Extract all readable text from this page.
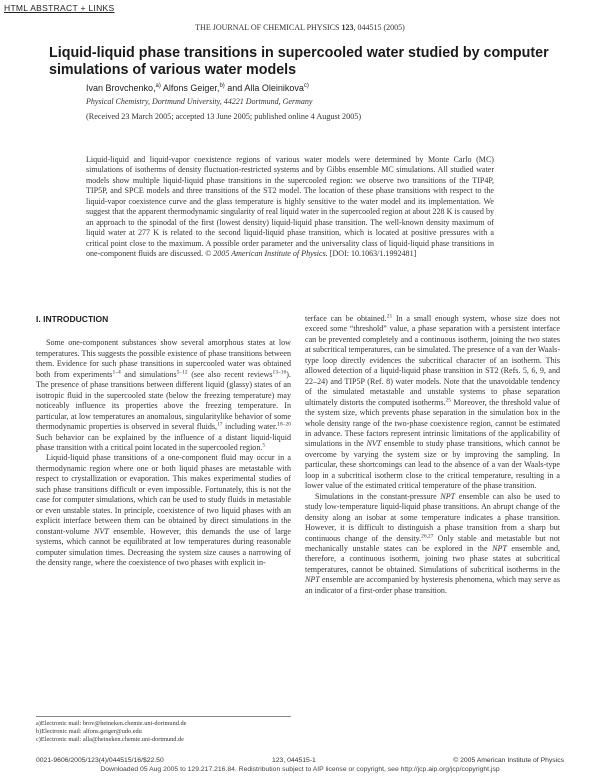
HTML ABSTRACT + LINKS
THE JOURNAL OF CHEMICAL PHYSICS 123, 044515 (2005)
Liquid-liquid phase transitions in supercooled water studied by computer simulations of various water models
Ivan Brovchenko,$^{a)}$ Alfons Geiger,$^{b)}$ and Alla Oleinikova$^{c)}$
Physical Chemistry, Dortmund University, 44221 Dortmund, Germany
(Received 23 March 2005; accepted 13 June 2005; published online 4 August 2005)

Liquid-liquid and liquid-vapor coexistence regions of various water models were determined by Monte Carlo (MC) simulations of isotherms of density fluctuation-restricted systems and by Gibbs ensemble MC simulations. All studied water models show multiple liquid-liquid phase transitions in the supercooled region: we observe two transitions of the TIP4P, TIP5P, and SPCE models and three transitions of the ST2 model. The location of these phase transitions with respect to the liquid-vapor coexistence curve and the glass temperature is highly sensitive to the water model and its implementation. We suggest that the apparent thermodynamic singularity of real liquid water in the supercooled region at about 228 K is caused by an approach to the spinodal of the first (lowest density) liquid-liquid phase transition. The well-known density maximum of liquid water at 277 K is related to the second liquid-liquid phase transition, which is located at positive pressures with a critical point close to the maximum. A possible order parameter and the universality class of liquid-liquid phase transitions in one-component fluids are discussed. © 2005 American Institute of Physics. [DOI: 10.1063/1.1992481]

I. INTRODUCTION

Some one-component substances show several amorphous states at low temperatures. This suggests the possible existence of phase transitions between them. Evidence for such phase transitions in supercooled water was obtained both from experiments$^{1-4}$ and simulations$^{5-12}$ (see also recent reviews$^{13-16}$). The presence of phase transitions between different liquid (glassy) states of an isotropic fluid in the supercooled state (below the freezing temperature) may noticeably influence its properties above the freezing temperature. In particular, at low temperatures an anomalous, singularitylike behavior of some thermodynamic properties is observed in several fluids,$^{17}$ including water.$^{18-20}$ Such behavior can be explained by the influence of a distant liquid-liquid phase transition with a critical point located in the supercooled region.$^5$

Liquid-liquid phase transitions of a one-component fluid may occur in a thermodynamic region where one or both liquid phases are metastable with respect to crystallization or evaporation. This makes experimental studies of such phase transitions difficult or even impossible. Fortunately, this is not the case for computer simulations, which can be used to study fluids in metastable or even unstable states. In principle, coexistence of two liquid phases with an explicit interface between them can be obtained by direct simulations in the constant-volume NVT ensemble. However, this demands the use of large systems, which cannot be equilibrated at low temperatures during reasonable computer simulation times. Decreasing the system size causes a narrowing of the density range, where the coexistence of two phases with explicit in-

terface can be obtained.$^{21}$ In a small enough system, whose size does not exceed some “threshold” value, a phase separation with a persistent interface can be prevented completely and a continuous isotherm, joining the two states at subcritical temperatures, can be simulated. The presence of a van der Waals-type loop directly evidences the subcritical character of an isotherm. This allowed detection of a liquid-liquid phase transition in ST2 (Refs. 5, 6, 9, and 22–24) and TIP5P (Ref. 8) water models. Note that the unavoidable tendency of the simulated metastable and unstable systems to phase separation ultimately distorts the computed isotherms.$^{25}$ Moreover, the threshold value of the system size, which prevents phase separation in the simulation box in the whole density range of the two-phase coexistence region, cannot be estimated in advance. These factors represent intrinsic limitations of the applicability of simulations in the NVT ensemble to study phase transitions, which cannot be overcome by varying the system size or by improving the sampling. In particular, these shortcomings can lead to the absence of a van der Waals-type loop in a subcritical isotherm close to the critical temperature, resulting in a lower value of the estimated critical temperature of the phase transition.

Simulations in the constant-pressure NPT ensemble can also be used to study low-temperature liquid-liquid phase transitions. An abrupt change of the density along an isobar at some temperature indicates a phase transition. However, it is difficult to distinguish a phase transition from a sharp but continuous change of the density.$^{26,27}$ Only stable and metastable but not mechanically unstable states can be explored in the NPT ensemble and, therefore, a continuous isotherm, joining two phase states at subcritical temperatures, cannot be obtained. Simulations of subcritical isotherms in the NPT ensemble are accompanied by hysteresis phenomena, which may serve as an indicator of a first-order phase transition.

a)Electronic mail: brov@heineken.chemie.uni-dortmund.de
b)Electronic mail: alfons.geiger@udo.edu
c)Electronic mail: alla@heineken.chemie.uni-dortmund.de
0021-9606/2005/123(4)/044515/16/$22.50	123, 044515-1	© 2005 American Institute of Physics
Downloaded 05 Aug 2005 to 129.217.216.84. Redistribution subject to AIP license or copyright, see http://jcp.aip.org/jcp/copyright.jsp
